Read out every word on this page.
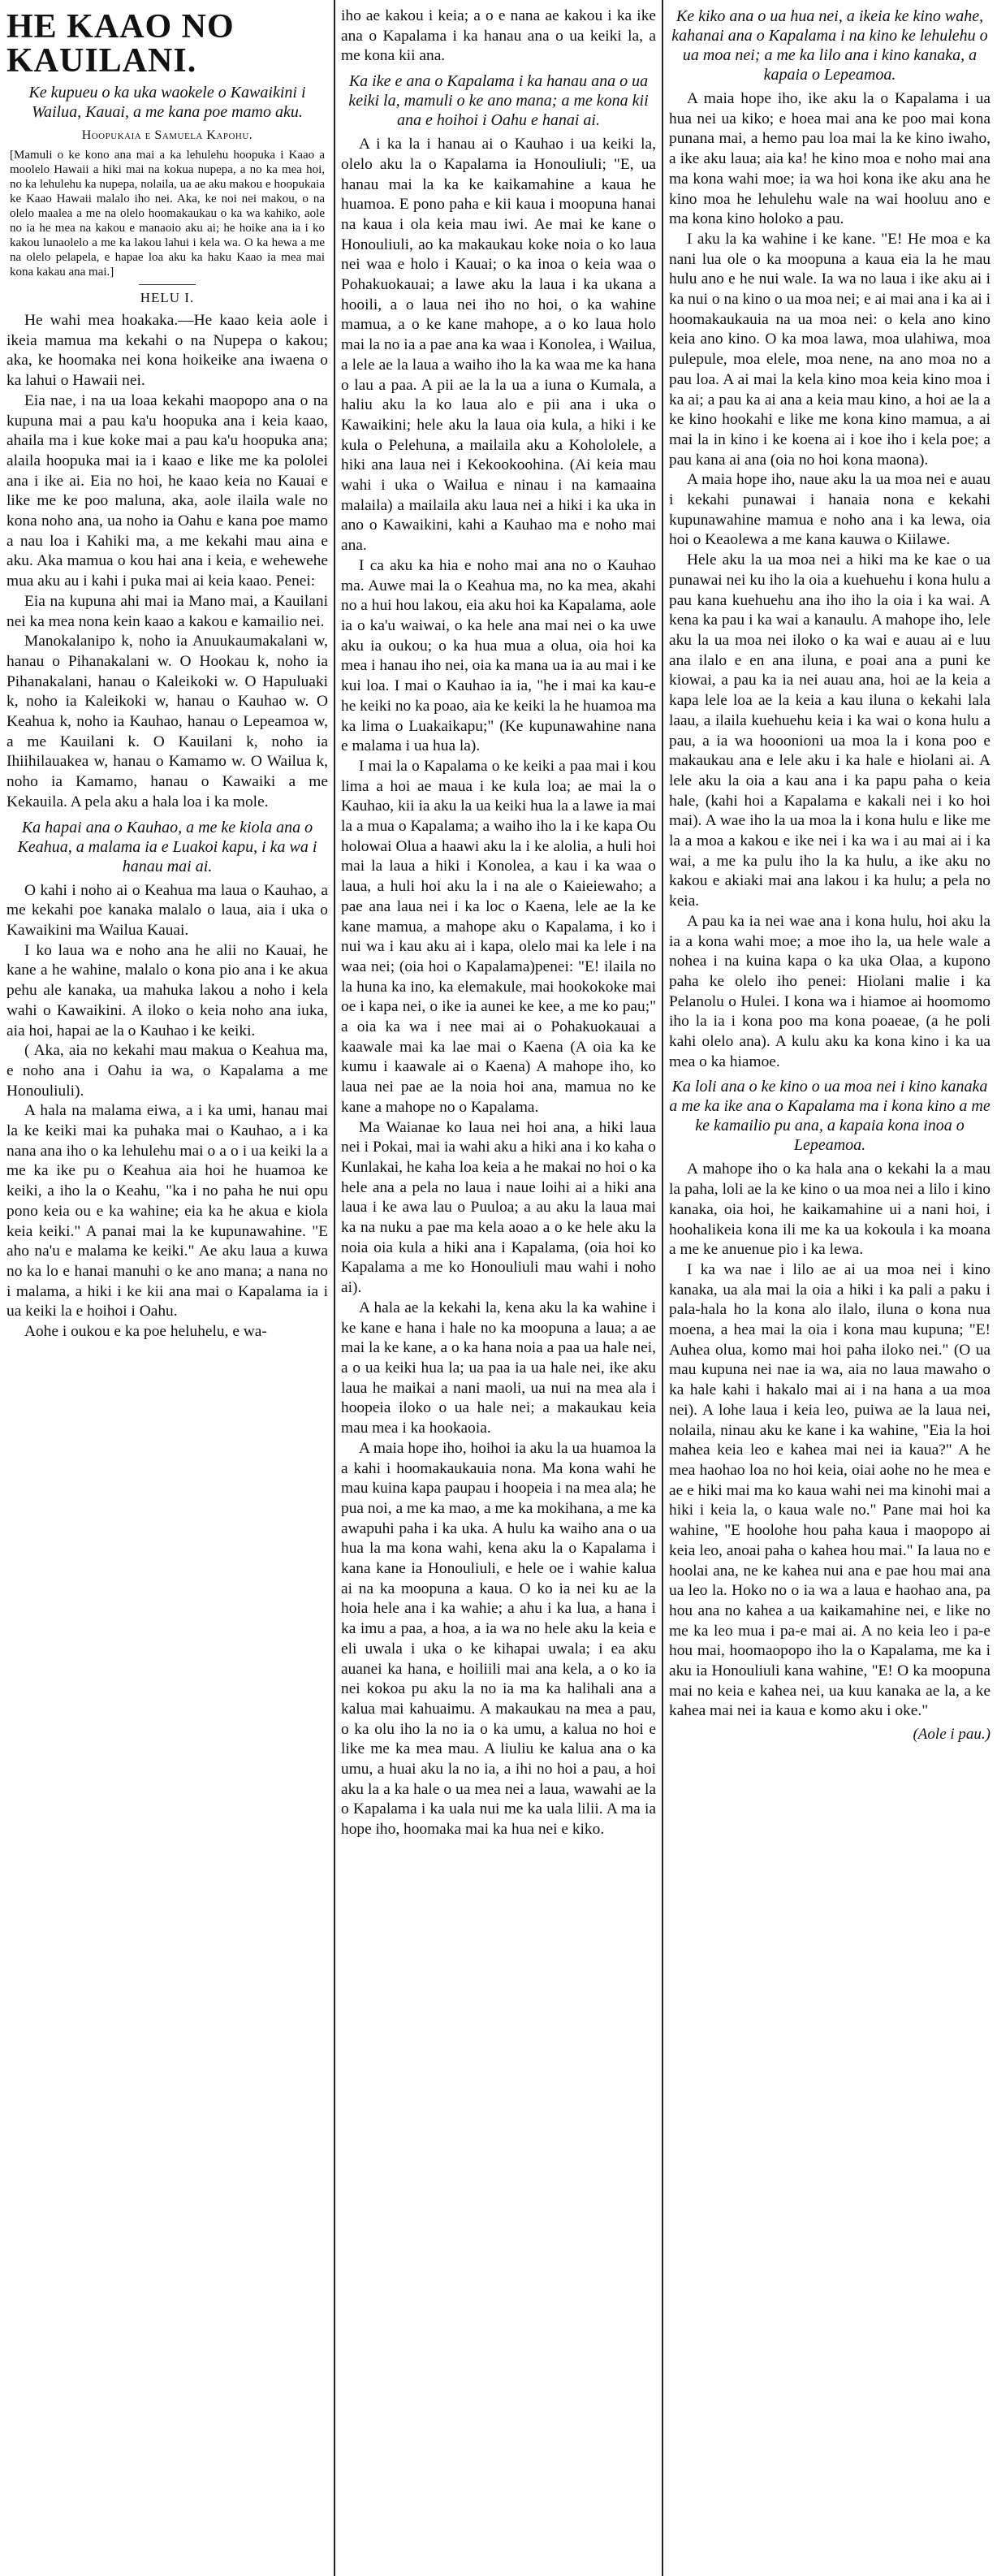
HE KAAO NO KAUILANI.
Ke kupueu o ka uka waokele o Kawaikini i Wailua, Kauai, a me kana poe mamo aku.
Hoopukaia e Samuela Kapohu.
[Mamuli o ke kono ana mai a ka lehulehu hoopuka i Kaao a moolelo Hawaii a hiki mai na kokua nupepa, a no ka mea hoi, no ka lehulehu ka nupepa, nolaila, ua ae aku makou e hoopukaia ke Kaao Hawaii malalo iho nei. Aka, ke noi nei makou, o na olelo maalea a me na olelo hoomakaukau o ka wa kahiko, aole no ia he mea na kakou e manaoio aku ai; he hoike ana ia i ko kakou lunaolelo a me ka lakou lahui i kela wa. O ka hewa a me na olelo pelapela, e hapae loa aku ka haku Kaao ia mea mai kona kakau ana mai.]
HELU I.

He wahi mea hoakaka.—He kaao keia aole i ikeia mamua ma kekahi o na Nupepa o kakou; aka, ke hoomaka nei kona hoikeike ana iwaena o ka lahui o Hawaii nei.

Eia nae, i na ua loaa kekahi maopopo ana o na kupuna mai a pau ka'u hoopuka ana i keia kaao, ahaila ma i kue koke mai a pau ka'u hoopuka ana; alaila hoopuka mai ia i kaao e like me ka pololei ana i ike ai. Eia no hoi, he kaao keia no Kauai e like me ke poo maluna, aka, aole ilaila wale no kona noho ana, ua noho ia Oahu e kana poe mamo a nau loa i Kahiki ma, a me kekahi mau aina e aku. Aka mamua o kou hai ana i keia, e wehewehe mua aku au i kahi i puka mai ai keia kaao. Penei:

Eia na kupuna ahi mai ia Mano mai, a Kauilani nei ka mea nona kein kaao a kakou e kamailio nei.

Manokalanipo k, noho ia Anuukaumakalani w, hanau o Pihanakalani w. O Hookau k, noho ia Pihanakalani, hanau o Kaleikoki w. O Hapuluaki k, noho ia Kaleikoki w, hanau o Kauhao w. O Keahua k, noho ia Kauhao, hanau o Lepeamoa w, a me Kauilani k. O Kauilani k, noho ia Ihiihilauakea w, hanau o Kamamo w. O Wailua k, noho ia Kamamo, hanau o Kawaiki a me Kekauila. A pela aku a hala loa i ka mole.

Ka hapai ana o Kauhao, a me ke kiola ana o Keahua, a malama ia e Luakoi kapu, i ka wa i hanau mai ai.

O kahi i noho ai o Keahua ma laua o Kauhao, a me kekahi poe kanaka malalo o laua, aia i uka o Kawaikini ma Wailua Kauai.

I ko laua wa e noho ana he alii no Kauai, he kane a he wahine, malalo o kona pio ana i ke akua pehu ale kanaka, ua mahuka lakou a noho i kela wahi o Kawaikini. A iloko o keia noho ana iuka, aia hoi, hapai ae la o Kauhao i ke keiki.

( Aka, aia no kekahi mau makua o Keahua ma, e noho ana i Oahu ia wa, o Kapalama a me Honouliuli).

A hala na malama eiwa, a i ka umi, hanau mai la ke keiki mai ka puhaka mai o Kauhao, a i ka nana ana iho o ka lehulehu mai o a o i ua keiki la a me ka ike pu o Keahua aia hoi he huamoa ke keiki, a iho la o Keahu, "ka i no paha he nui opu pono keia ou e ka wahine; eia ka he akua e kiola keia keiki." A panai mai la ke kupunawahine. "E aho na'u e malama ke keiki." Ae aku laua a kuwa no ka lo e hanai manuhi o ke ano mana; a nana no i malama, a hiki i ke kii ana mai o Kapalama ia i ua keiki la e hoihoi i Oahu.

Aohe i oukou e ka poe heluhelu, e wa-

iho ae kakou i keia; a o e nana ae kakou i ka ike ana o Kapalama i ka hanau ana o ua keiki la, a me kona kii ana.

Ka ike e ana o Kapalama i ka hanau ana o ua keiki la, mamuli o ke ano mana; a me kona kii ana e hoihoi i Oahu e hanai ai.

A i ka la i hanau ai o Kauhao i ua keiki la, olelo aku la o Kapalama ia Honouliuli; "E, ua hanau mai la ka ke kaikamahine a kaua he huamoa. E pono paha e kii kaua i moopuna hanai na kaua i ola keia mau iwi. Ae mai ke kane o Honouliuli, ao ka makaukau koke noia o ko laua nei waa e holo i Kauai; o ka inoa o keia waa o Pohakuokauai; a lawe aku la laua i ka ukana a hooili, a o laua nei iho no hoi, o ka wahine mamua, a o ke kane mahope, a o ko laua holo mai la no ia a pae ana ka waa i Konolea, i Wailua, a lele ae la laua a waiho iho la ka waa me ka hana o lau a paa. A pii ae la la ua a iuna o Kumala, a haliu aku la ko laua alo e pii ana i uka o Kawaikini; hele aku la laua oia kula, a hiki i ke kula o Pelehuna, a mailaila aku a Kohololele, a hiki ana laua nei i Kekookoohina. (Ai keia mau wahi i uka o Wailua e ninau i na kamaaina malaila) a mailaila aku laua nei a hiki i ka uka in ano o Kawaikini, kahi a Kauhao ma e noho mai ana.

I ca aku ka hia e noho mai ana no o Kauhao ma. Auwe mai la o Keahua ma, no ka mea, akahi no a hui hou lakou, eia aku hoi ka Kapalama, aole ia o ka'u waiwai, o ka hele ana mai nei o ka uwe aku ia oukou; o ka hua mua a olua, oia hoi ka mea i hanau iho nei, oia ka mana ua ia au mai i ke kui loa. I mai o Kauhao ia ia, "he i mai ka kau-e he keiki no ka poao, aia ke keiki la he huamoa ma ka lima o Luakaikapu;" (Ke kupunawahine nana e malama i ua hua la).

I mai la o Kapalama o ke keiki a paa mai i kou lima a hoi ae maua i ke kula loa; ae mai la o Kauhao, kii ia aku la ua keiki hua la a lawe ia mai la a mua o Kapalama; a waiho iho la i ke kapa Ou holowai Olua a haawi aku la i ke alolia, a huli hoi mai la laua a hiki i Konolea, a kau i ka waa o laua, a huli hoi aku la i na ale o Kaieiewaho; a pae ana laua nei i ka loc o Kaena, lele ae la ke kane mamua, a mahope aku o Kapalama, i ko i nui wa i kau aku ai i kapa, olelo mai ka lele i na waa nei; (oia hoi o Kapalama)penei: "E! ilaila no la huna ka ino, ka elemakule, mai hookokoke mai oe i kapa nei, o ike ia aunei ke kee, a me ko pau;" a oia ka wa i nee mai ai o Pohakuokauai a kaawale mai ka lae mai o Kaena (A oia ka ke kumu i kaawale ai o Kaena) A mahope iho, ko laua nei pae ae la noia hoi ana, mamua no ke kane a mahope no o Kapalama.

Ma Waianae ko laua nei hoi ana, a hiki laua nei i Pokai, mai ia wahi aku a hiki ana i ko kaha o Kunlakai, he kaha loa keia a he makai no hoi o ka hele ana a pela no laua i naue loihi ai a hiki ana laua i ke awa lau o Puuloa; a au aku la laua mai ka na nuku a pae ma kela aoao a o ke hele aku la noia oia kula a hiki ana i Kapalama, (oia hoi ko Kapalama a me ko Honouliuli mau wahi i noho ai).

A hala ae la kekahi la, kena aku la ka wahine i ke kane e hana i hale no ka moopuna a laua; a ae mai la ke kane, a o ka hana noia a paa ua hale nei, a o ua keiki hua la; ua paa ia ua hale nei, ike aku laua he maikai a nani maoli, ua nui na mea ala i hoopeia iloko o ua hale nei; a makaukau keia mau mea i ka hookaoia.

A maia hope iho, hoihoi ia aku la ua huamoa la a kahi i hoomakaukauia nona. Ma kona wahi he mau kuina kapa paupau i hoopeia i na mea ala; he pua noi, a me ka mao, a me ka mokihana, a me ka awapuhi paha i ka uka. A hulu ka waiho ana o ua hua la ma kona wahi, kena aku la o Kapalama i kana kane ia Honouliuli, e hele oe i wahie kalua ai na ka moopuna a kaua. O ko ia nei ku ae la hoia hele ana i ka wahie; a ahu i ka lua, a hana i ka imu a paa, a hoa, a ia wa no hele aku la keia e eli uwala i uka o ke kihapai uwala; i ea aku auanei ka hana, e hoiliili mai ana kela, a o ko ia nei kokoa pu aku la no ia ma ka halihali ana a kalua mai kahuaimu. A makaukau na mea a pau, o ka olu iho la no ia o ka umu, a kalua no hoi e like me ka mea mau. A liuliu ke kalua ana o ka umu, a huai aku la no ia, a ihi no hoi a pau, a hoi aku la a ka hale o ua mea nei a laua, wawahi ae la o Kapalama i ka uala nui me ka uala lilii. A ma ia hope iho, hoomaka mai ka hua nei e kiko.

Ke kiko ana o ua hua nei, a ikeia ke kino wahe, kahanai ana o Kapalama i na kino ke lehulehu o ua moa nei; a me ka lilo ana i kino kanaka, a kapaia o Lepeamoa.

A maia hope iho, ike aku la o Kapalama i ua hua nei ua kiko; e hoea mai ana ke poo mai kona punana mai, a hemo pau loa mai la ke kino iwaho, a ike aku laua; aia ka! he kino moa e noho mai ana ma kona wahi moe; ia wa hoi kona ike aku ana he kino moa he lehulehu wale na wai hooluu ano e ma kona kino holoko a pau.

I aku la ka wahine i ke kane. "E! He moa e ka nani lua ole o ka moopuna a kaua eia la he mau hulu ano e he nui wale. Ia wa no laua i ike aku ai i ka nui o na kino o ua moa nei; e ai mai ana i ka ai i hoomakaukauia na ua moa nei: o kela ano kino keia ano kino. O ka moa lawa, moa ulahiwa, moa pulepule, moa elele, moa nene, na ano moa no a pau loa. A ai mai la kela kino moa keia kino moa i ka ai; a pau ka ai ana a keia mau kino, a hoi ae la a ke kino hookahi e like me kona kino mamua, a ai mai la in kino i ke koena ai i koe iho i kela poe; a pau kana ai ana (oia no hoi kona maona).

A maia hope iho, naue aku la ua moa nei e auau i kekahi punawai i hanaia nona e kekahi kupunawahine mamua e noho ana i ka lewa, oia hoi o Keaolewa a me kana kauwa o Kiilawe.

Hele aku la ua moa nei a hiki ma ke kae o ua punawai nei ku iho la oia a kuehuehu i kona hulu a pau kana kuehuehu ana iho iho la oia i ka wai. A kena ka pau i ka wai a kanaulu. A mahope iho, lele aku la ua moa nei iloko o ka wai e auau ai e luu ana ilalo e en ana iluna, e poai ana a puni ke kiowai, a pau ka ia nei auau ana, hoi ae la keia a kapa lele loa ae la keia a kau iluna o kekahi lala laau, a ilaila kuehuehu keia i ka wai o kona hulu a pau, a ia wa hooonioni ua moa la i kona poo e makaukau ana e lele aku i ka hale e hiolani ai. A lele aku la oia a kau ana i ka papu paha o keia hale, (kahi hoi a Kapalama e kakali nei i ko hoi mai). A wae iho la ua moa la i kona hulu e like me la a moa a kakou e ike nei i ka wa i au mai ai i ka wai, a me ka pulu iho la ka hulu, a ike aku no kakou e akiaki mai ana lakou i ka hulu; a pela no keia.

A pau ka ia nei wae ana i kona hulu, hoi aku la ia a kona wahi moe; a moe iho la, ua hele wale a nohea i na kuina kapa o ka uka Olaa, a kupono paha ke olelo iho penei: Hiolani malie i ka Pelanolu o Hulei. I kona wa i hiamoe ai hoomomo iho la ia i kona poo ma kona poaeae, (a he poli kahi olelo ana). A kulu aku ka kona kino i ka ua mea o ka hiamoe.

Ka loli ana o ke kino o ua moa nei i kino kanaka a me ka ike ana o Kapalama ma i kona kino a me ke kamailio pu ana, a kapaia kona inoa o Lepeamoa.

A mahope iho o ka hala ana o kekahi la a mau la paha, loli ae la ke kino o ua moa nei a lilo i kino kanaka, oia hoi, he kaikamahine ui a nani hoi, i hoohalikeia kona ili me ka ua kokoula i ka moana a me ke anuenue pio i ka lewa.

I ka wa nae i lilo ae ai ua moa nei i kino kanaka, ua ala mai la oia a hiki i ka pali a paku i pala-hala ho la kona alo ilalo, iluna o kona nua moena, a hea mai la oia i kona mau kupuna; "E! Auhea olua, komo mai hoi paha iloko nei." (O ua mau kupuna nei nae ia wa, aia no laua mawaho o ka hale kahi i hakalo mai ai i na hana a ua moa nei). A lohe laua i keia leo, puiwa ae la laua nei, nolaila, ninau aku ke kane i ka wahine, "Eia la hoi mahea keia leo e kahea mai nei ia kaua?" A he mea haohao loa no hoi keia, oiai aohe no he mea e ae e hiki mai ma ko kaua wahi nei ma kinohi mai a hiki i keia la, o kaua wale no." Pane mai hoi ka wahine, "E hoolohe hou paha kaua i maopopo ai keia leo, anoai paha o kahea hou mai." Ia laua no e hoolai ana, ne ke kahea nui ana e pae hou mai ana ua leo la. Hoko no o ia wa a laua e haohao ana, pa hou ana no kahea a ua kaikamahine nei, e like no me ka leo mua i pa-e mai ai. A no keia leo i pa-e hou mai, hoomaopopo iho la o Kapalama, me ka i aku ia Honouliuli kana wahine, "E! O ka moopuna mai no keia e kahea nei, ua kuu kanaka ae la, a ke kahea mai nei ia kaua e komo aku i oke."

(Aole i pau.)
